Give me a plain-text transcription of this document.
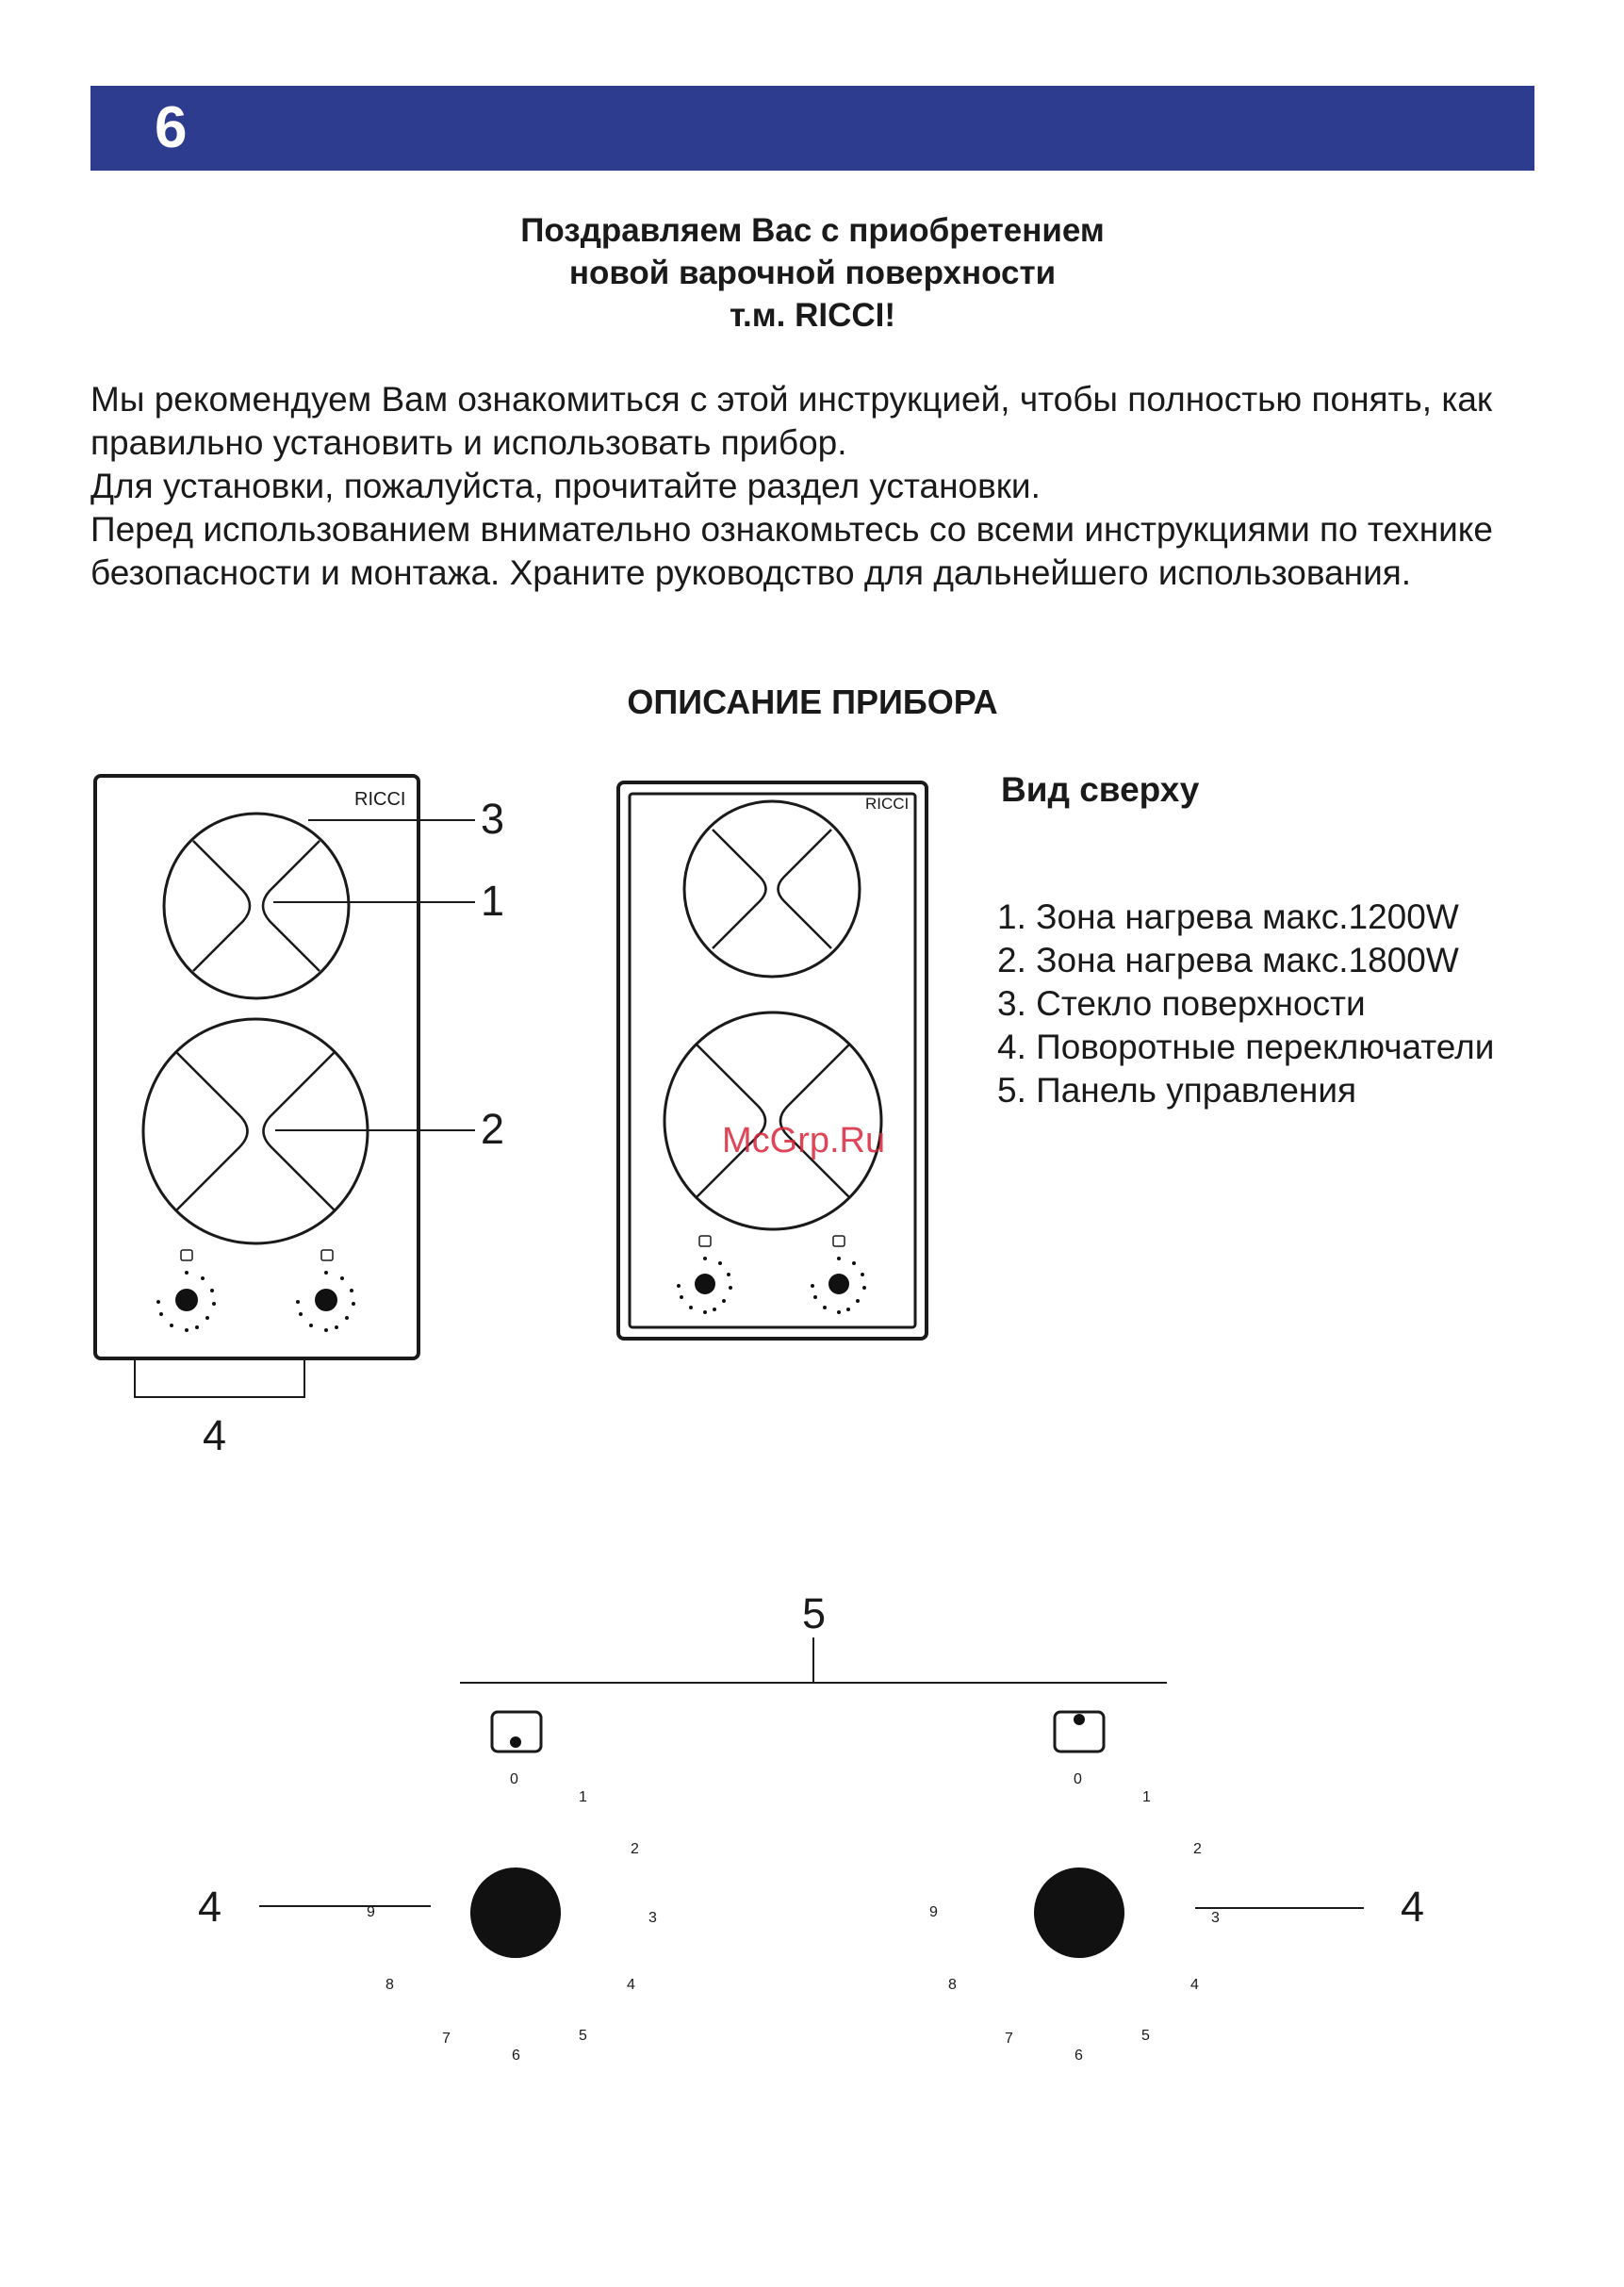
6

Поздравляем Вас с приобретением

новой варочной поверхности

т.м. RICCI!

Мы рекомендуем Вам ознакомиться с этой инструкцией, чтобы полностью понять, как правильно установить и использовать прибор.

Для установки, пожалуйста, прочитайте раздел установки.

Перед использованием внимательно ознакомьтесь со всеми инструкциями по технике безопасности и монтажа. Храните руководство для дальнейшего использования.

ОПИСАНИЕ ПРИБОРА

Вид сверху

1. Зона нагрева макс.1200W
2. Зона нагрева макс.1800W
3. Стекло поверхности
4. Поворотные переключатели
5. Панель управления
RICCI 3
1
2
4
RICCI
5
4	4
0
1
2
3
4
5
6
7
8
9
0
1
2
3
4
5
6
7
8
9
McGrp.Ru
